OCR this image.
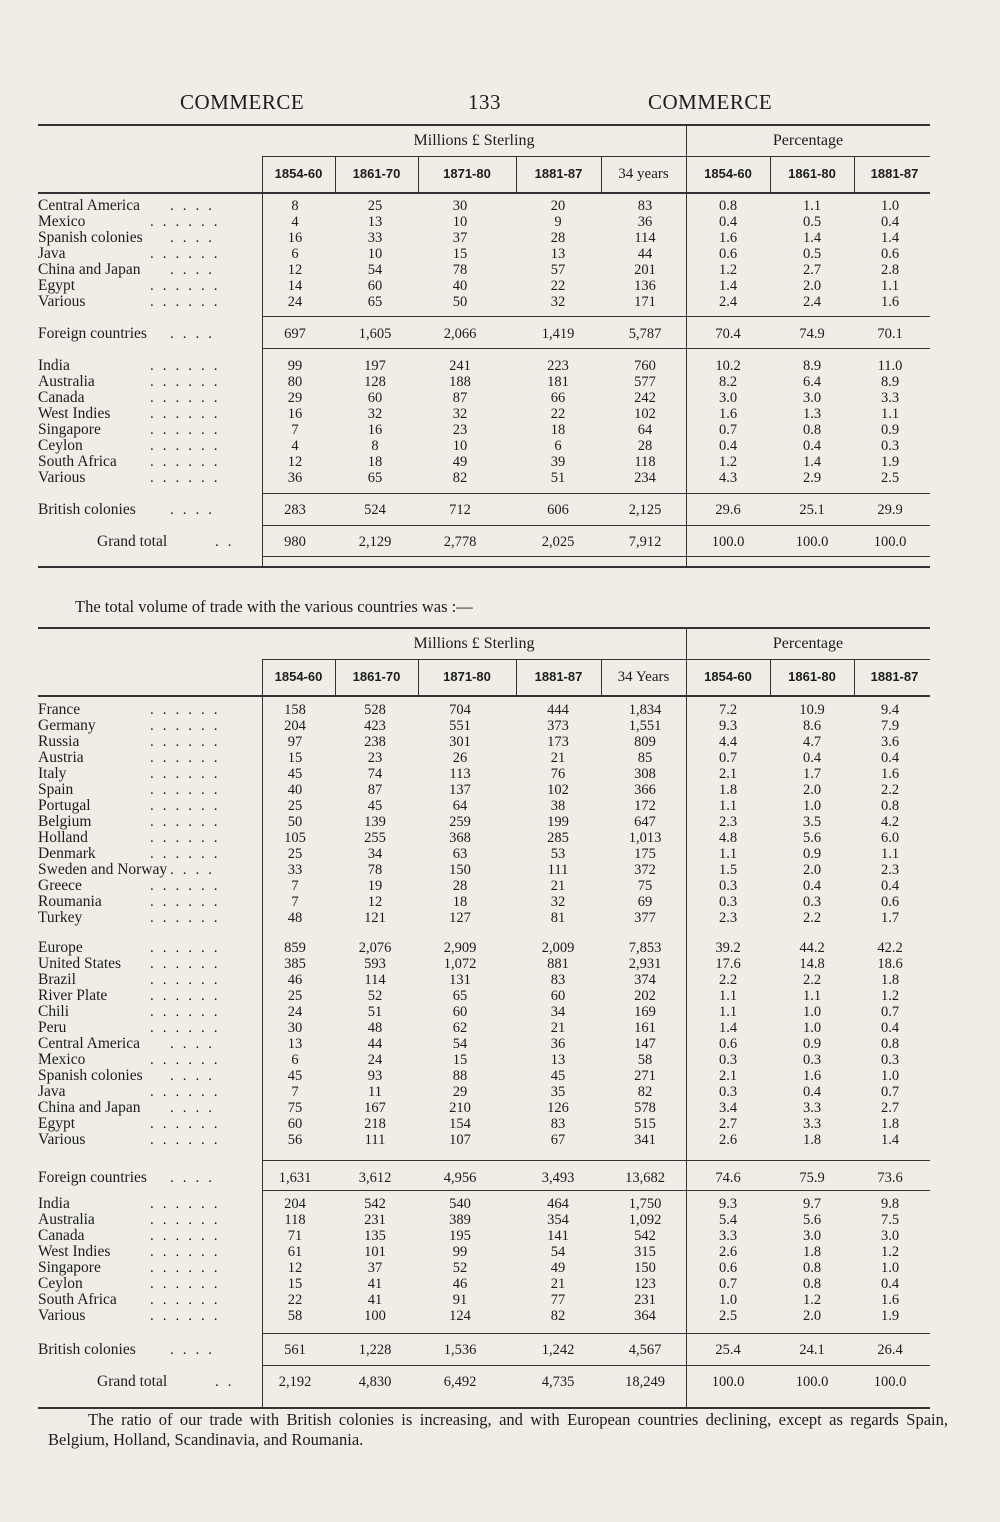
COMMERCE	133	COMMERCE
Millions £ Sterling	Percentage
1854-60	1861-70	1871-80	1881-87	34 years	1854-60	1861-80	1881-87
Central America ....	8	25	30	20	83	0.8	1.1	1.0
Mexico	......	4	13	10	9	36	0.4	0.5	0.4
Spanish colonies ....	16	33	37	28	114	1.6	1.4	1.4
Java	......	6	10	15	13	44	0.6	0.5	0.6
China and Japan ....	12	54	78	57	201	1.2	2.7	2.8
Egypt	......	14	60	40	22	136	1.4	2.0	1.1
Various	......	24	65	50	32	171	2.4	2.4	1.6
Foreign countries ....	697	1,605	2,066	1,419	5,787	70.4	74.9	70.1
India	......	99	197	241	223	760	10.2	8.9	11.0
Australia	......	80	128	188	181	577	8.2	6.4	8.9
Canada	......	29	60	87	66	242	3.0	3.0	3.3
West Indies	......	16	32	32	22	102	1.6	1.3	1.1
Singapore	......	7	16	23	18	64	0.7	0.8	0.9
Ceylon	......	4	8	10	6	28	0.4	0.4	0.3
South Africa ......	12	18	49	39	118	1.2	1.4	1.9
Various	......	36	65	82	51	234	4.3	2.9	2.5
British colonies ....	283	524	712	606	2,125	29.6	25.1	29.9
Grand total	..	980	2,129	2,778	2,025	7,912	100.0	100.0	100.0
The total volume of trade with the various countries was :—
Millions £ Sterling	Percentage
1854-60	1861-70	1871-80	1881-87	34 Years	1854-60	1861-80	1881-87
France	......	158	528	704	444	1,834	7.2	10.9	9.4
Germany	......	204	423	551	373	1,551	9.3	8.6	7.9
Russia	......	97	238	301	173	809	4.4	4.7	3.6
Austria	......	15	23	26	21	85	0.7	0.4	0.4
Italy	......	45	74	113	76	308	2.1	1.7	1.6
Spain	......	40	87	137	102	366	1.8	2.0	2.2
Portugal	......	25	45	64	38	172	1.1	1.0	0.8
Belgium	......	50	139	259	199	647	2.3	3.5	4.2
Holland	......	105	255	368	285	1,013	4.8	5.6	6.0
Denmark	......	25	34	63	53	175	1.1	0.9	1.1
Sweden and Norway ....	33	78	150	111	372	1.5	2.0	2.3
Greece	......	7	19	28	21	75	0.3	0.4	0.4
Roumania	......	7	12	18	32	69	0.3	0.3	0.6
Turkey	......	48	121	127	81	377	2.3	2.2	1.7
Europe	......	859	2,076	2,909	2,009	7,853	39.2	44.2	42.2
United States ......	385	593	1,072	881	2,931	17.6	14.8	18.6
Brazil	......	46	114	131	83	374	2.2	2.2	1.8
River Plate	......	25	52	65	60	202	1.1	1.1	1.2
Chili	......	24	51	60	34	169	1.1	1.0	0.7
Peru	......	30	48	62	21	161	1.4	1.0	0.4
Central America ....	13	44	54	36	147	0.6	0.9	0.8
Mexico	......	6	24	15	13	58	0.3	0.3	0.3
Spanish colonies ....	45	93	88	45	271	2.1	1.6	1.0
Java	......	7	11	29	35	82	0.3	0.4	0.7
China and Japan ....	75	167	210	126	578	3.4	3.3	2.7
Egypt	......	60	218	154	83	515	2.7	3.3	1.8
Various	......	56	111	107	67	341	2.6	1.8	1.4
Foreign countries ....	1,631	3,612	4,956	3,493	13,682	74.6	75.9	73.6
India	......	204	542	540	464	1,750	9.3	9.7	9.8
Australia	......	118	231	389	354	1,092	5.4	5.6	7.5
Canada	......	71	135	195	141	542	3.3	3.0	3.0
West Indies	......	61	101	99	54	315	2.6	1.8	1.2
Singapore	......	12	37	52	49	150	0.6	0.8	1.0
Ceylon	......	15	41	46	21	123	0.7	0.8	0.4
South Africa ......	22	41	91	77	231	1.0	1.2	1.6
Various	......	58	100	124	82	364	2.5	2.0	1.9
British colonies ....	561	1,228	1,536	1,242	4,567	25.4	24.1	26.4
Grand total	..	2,192	4,830	6,492	4,735	18,249	100.0	100.0	100.0
The ratio of our trade with British colonies is increasing, and with European countries declining, except as regards Spain, Belgium, Holland, Scandinavia, and Roumania.
